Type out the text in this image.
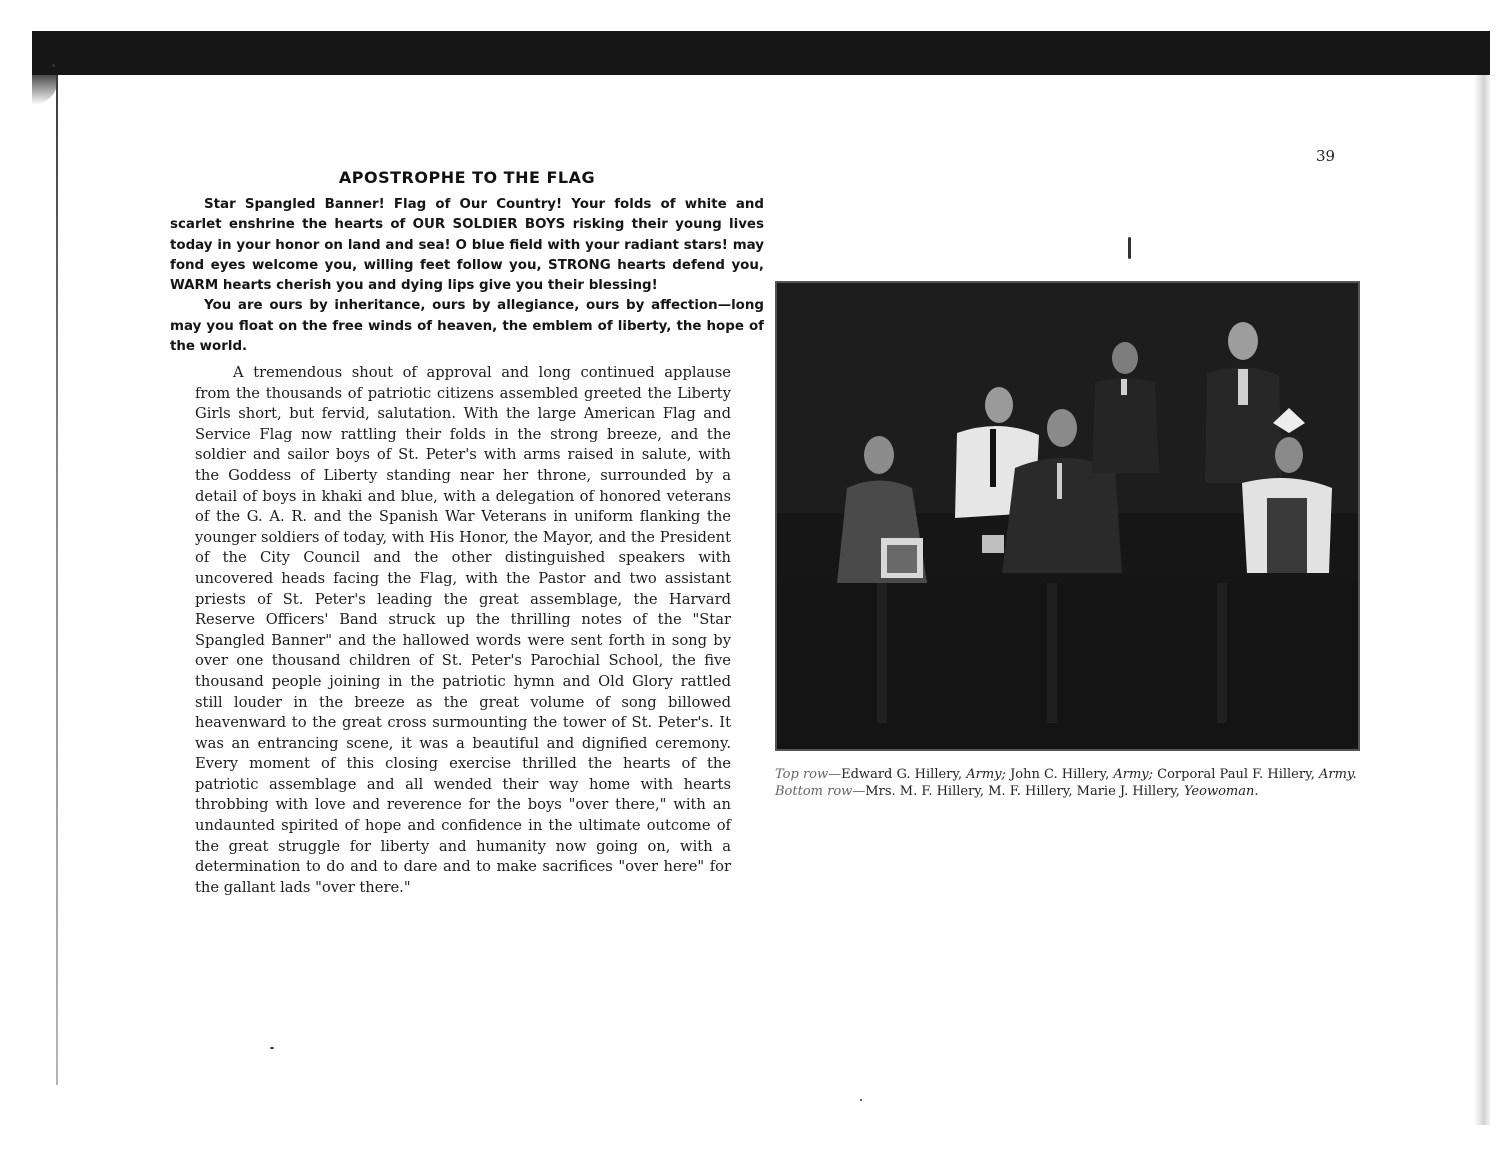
39
APOSTROPHE TO THE FLAG

Star Spangled Banner! Flag of Our Country! Your folds of white and scarlet enshrine the hearts of OUR SOLDIER BOYS risking their young lives today in your honor on land and sea! O blue field with your radiant stars! may fond eyes welcome you, willing feet follow you, STRONG hearts defend you, WARM hearts cherish you and dying lips give you their blessing!

You are ours by inheritance, ours by allegiance, ours by affection—long may you float on the free winds of heaven, the emblem of liberty, the hope of the world.

A tremendous shout of approval and long continued applause from the thousands of patriotic citizens assembled greeted the Liberty Girls short, but fervid, salutation. With the large American Flag and Service Flag now rattling their folds in the strong breeze, and the soldier and sailor boys of St. Peter's with arms raised in salute, with the Goddess of Liberty standing near her throne, surrounded by a detail of boys in khaki and blue, with a delegation of honored veterans of the G. A. R. and the Spanish War Veterans in uniform flanking the younger soldiers of today, with His Honor, the Mayor, and the President of the City Council and the other distinguished speakers with uncovered heads facing the Flag, with the Pastor and two assistant priests of St. Peter's leading the great assemblage, the Harvard Reserve Officers' Band struck up the thrilling notes of the "Star Spangled Banner" and the hallowed words were sent forth in song by over one thousand children of St. Peter's Parochial School, the five thousand people joining in the patriotic hymn and Old Glory rattled still louder in the breeze as the great volume of song billowed heavenward to the great cross surmounting the tower of St. Peter's. It was an entrancing scene, it was a beautiful and dignified ceremony. Every moment of this closing exercise thrilled the hearts of the patriotic assemblage and all wended their way home with hearts throbbing with love and reverence for the boys "over there," with an undaunted spirited of hope and confidence in the ultimate outcome of the great struggle for liberty and humanity now going on, with a determination to do and to dare and to make sacrifices "over here" for the gallant lads "over there."

Top row—Edward G. Hillery, Army; John C. Hillery, Army; Corporal Paul F. Hillery, Army.

Bottom row—Mrs. M. F. Hillery, M. F. Hillery, Marie J. Hillery, Yeowoman.
